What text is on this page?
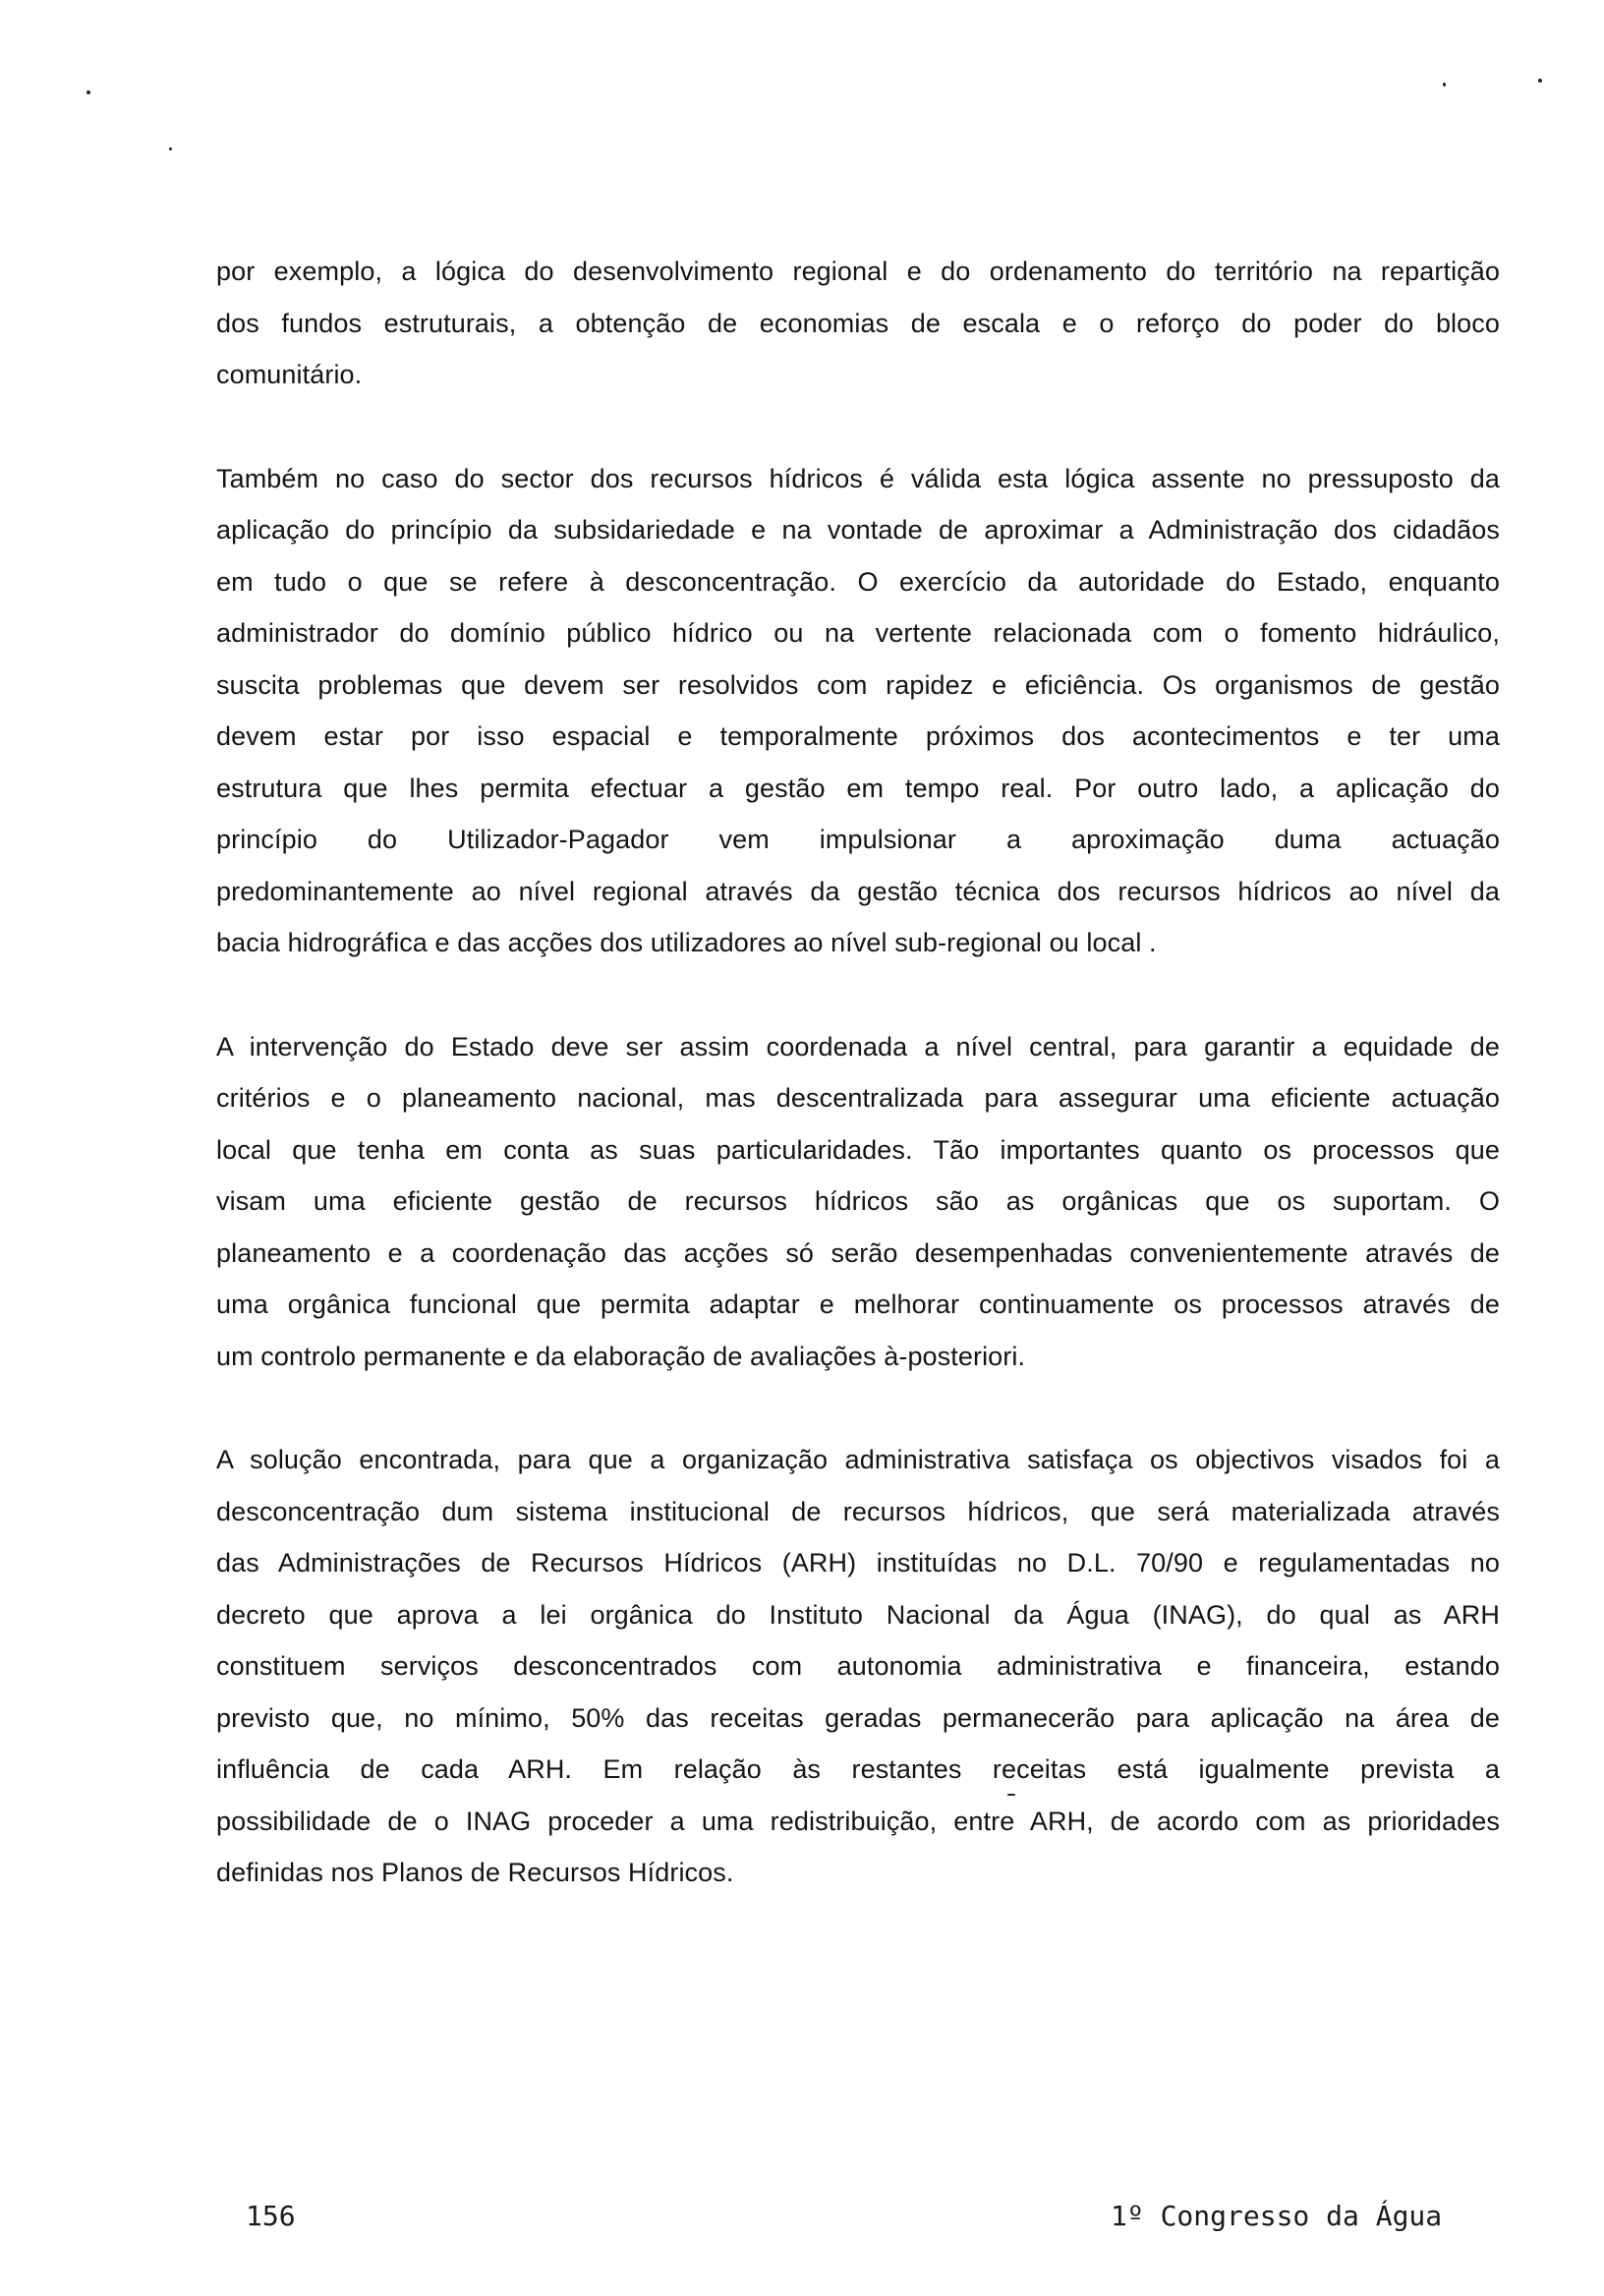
por exemplo, a lógica do desenvolvimento regional e do ordenamento do território na repartição
dos fundos estruturais, a obtenção de economias de escala e o reforço do poder do bloco
comunitário.
Também no caso do sector dos recursos hídricos é válida esta lógica assente no pressuposto da
aplicação do princípio da subsidariedade e na vontade de aproximar a Administração dos cidadãos
em tudo o que se refere à desconcentração. O exercício da autoridade do Estado, enquanto
administrador do domínio público hídrico ou na vertente relacionada com o fomento hidráulico,
suscita problemas que devem ser resolvidos com rapidez e eficiência. Os organismos de gestão
devem estar por isso espacial e temporalmente próximos dos acontecimentos e ter uma
estrutura que lhes permita efectuar a gestão em tempo real. Por outro lado, a aplicação do
princípio do Utilizador-Pagador vem impulsionar a aproximação duma actuação
predominantemente ao nível regional através da gestão técnica dos recursos hídricos ao nível da
bacia hidrográfica e das acções dos utilizadores ao nível sub-regional ou local .
A intervenção do Estado deve ser assim coordenada a nível central, para garantir a equidade de
critérios e o planeamento nacional, mas descentralizada para assegurar uma eficiente actuação
local que tenha em conta as suas particularidades. Tão importantes quanto os processos que
visam uma eficiente gestão de recursos hídricos são as orgânicas que os suportam. O
planeamento e a coordenação das acções só serão desempenhadas convenientemente através de
uma orgânica funcional que permita adaptar e melhorar continuamente os processos através de
um controlo permanente e da elaboração de avaliações à-posteriori.
A solução encontrada, para que a organização administrativa satisfaça os objectivos visados foi a
desconcentração dum sistema institucional de recursos hídricos, que será materializada através
das Administrações de Recursos Hídricos (ARH) instituídas no D.L. 70/90 e regulamentadas no
decreto que aprova a lei orgânica do Instituto Nacional da Água (INAG), do qual as ARH
constituem serviços desconcentrados com autonomia administrativa e financeira, estando
previsto que, no mínimo, 50% das receitas geradas permanecerão para aplicação na área de
influência de cada ARH. Em relação às restantes receitas está igualmente prevista a
possibilidade de o INAG proceder a uma redistribuição, entre ARH, de acordo com as prioridades
definidas nos Planos de Recursos Hídricos.
156	1º Congresso da Água
